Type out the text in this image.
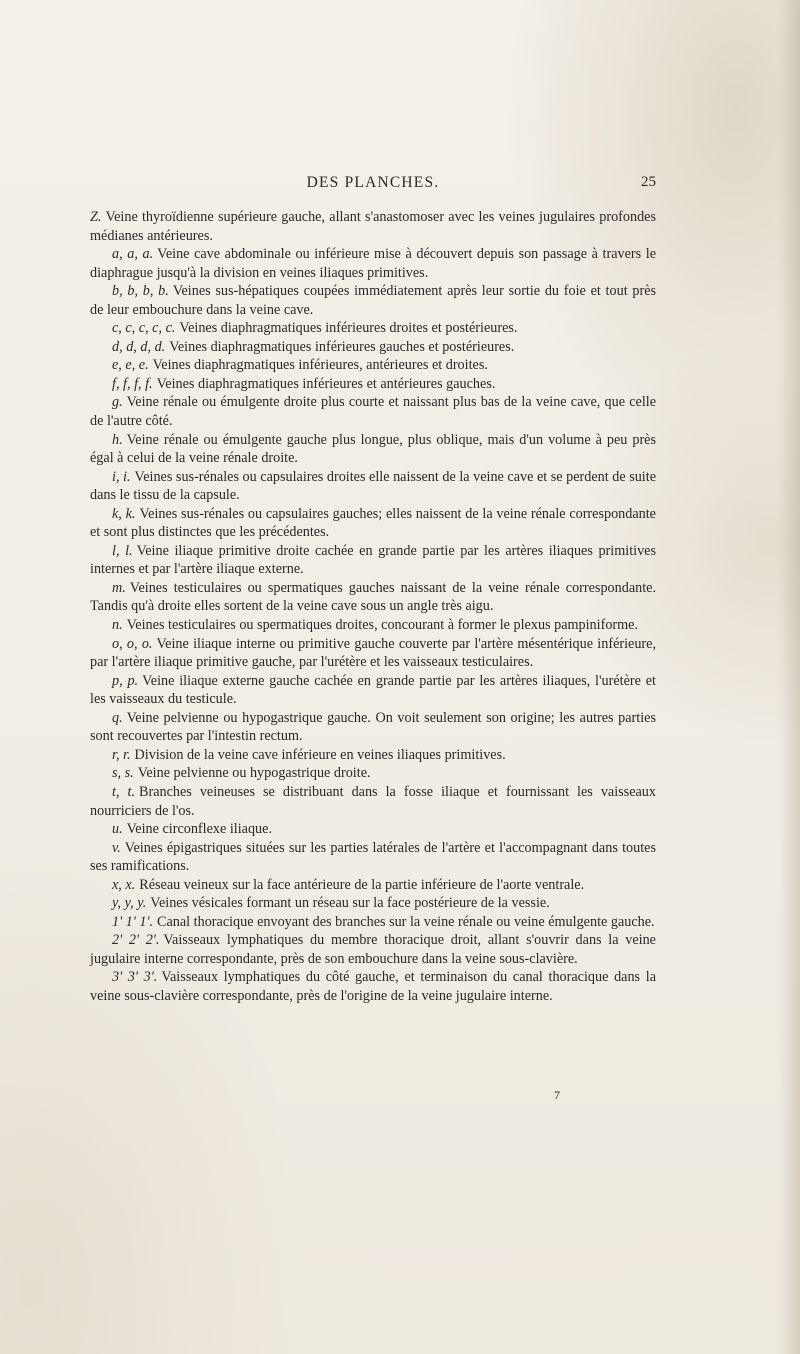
DES PLANCHES.	25

Z. Veine thyroïdienne supérieure gauche, allant s'anastomoser avec les veines jugulaires profondes médianes antérieures.

a, a, a. Veine cave abdominale ou inférieure mise à découvert depuis son passage à travers le diaphrague jusqu'à la division en veines iliaques primitives.

b, b, b, b. Veines sus-hépatiques coupées immédiatement après leur sortie du foie et tout près de leur embouchure dans la veine cave.

c, c, c, c, c. Veines diaphragmatiques inférieures droites et postérieures.

d, d, d, d. Veines diaphragmatiques inférieures gauches et postérieures.

e, e, e. Veines diaphragmatiques inférieures, antérieures et droites.

f, f, f, f. Veines diaphragmatiques inférieures et antérieures gauches.

g. Veine rénale ou émulgente droite plus courte et naissant plus bas de la veine cave, que celle de l'autre côté.

h. Veine rénale ou émulgente gauche plus longue, plus oblique, mais d'un volume à peu près égal à celui de la veine rénale droite.

i, i. Veines sus-rénales ou capsulaires droites elle naissent de la veine cave et se perdent de suite dans le tissu de la capsule.

k, k. Veines sus-rénales ou capsulaires gauches; elles naissent de la veine rénale correspondante et sont plus distinctes que les précédentes.

l, l. Veine iliaque primitive droite cachée en grande partie par les artères iliaques primitives internes et par l'artère iliaque externe.

m. Veines testiculaires ou spermatiques gauches naissant de la veine rénale correspondante. Tandis qu'à droite elles sortent de la veine cave sous un angle très aigu.

n. Veines testiculaires ou spermatiques droites, concourant à former le plexus pampiniforme.

o, o, o. Veine iliaque interne ou primitive gauche couverte par l'artère mésentérique inférieure, par l'artère iliaque primitive gauche, par l'urétère et les vaisseaux testiculaires.

p, p. Veine iliaque externe gauche cachée en grande partie par les artères iliaques, l'urétère et les vaisseaux du testicule.

q. Veine pelvienne ou hypogastrique gauche. On voit seulement son origine; les autres parties sont recouvertes par l'intestin rectum.

r, r. Division de la veine cave inférieure en veines iliaques primitives.

s, s. Veine pelvienne ou hypogastrique droite.

t, t. Branches veineuses se distribuant dans la fosse iliaque et fournissant les vaisseaux nourriciers de l'os.

u. Veine circonflexe iliaque.

v. Veines épigastriques situées sur les parties latérales de l'artère et l'accompagnant dans toutes ses ramifications.

x, x. Réseau veineux sur la face antérieure de la partie inférieure de l'aorte ventrale.

y, y, y. Veines vésicales formant un réseau sur la face postérieure de la vessie.

1' 1' 1'. Canal thoracique envoyant des branches sur la veine rénale ou veine émulgente gauche.

2' 2' 2'. Vaisseaux lymphatiques du membre thoracique droit, allant s'ouvrir dans la veine jugulaire interne correspondante, près de son embouchure dans la veine sous-clavière.

3' 3' 3'. Vaisseaux lymphatiques du côté gauche, et terminaison du canal thoracique dans la veine sous-clavière correspondante, près de l'origine de la veine jugulaire interne.

7
